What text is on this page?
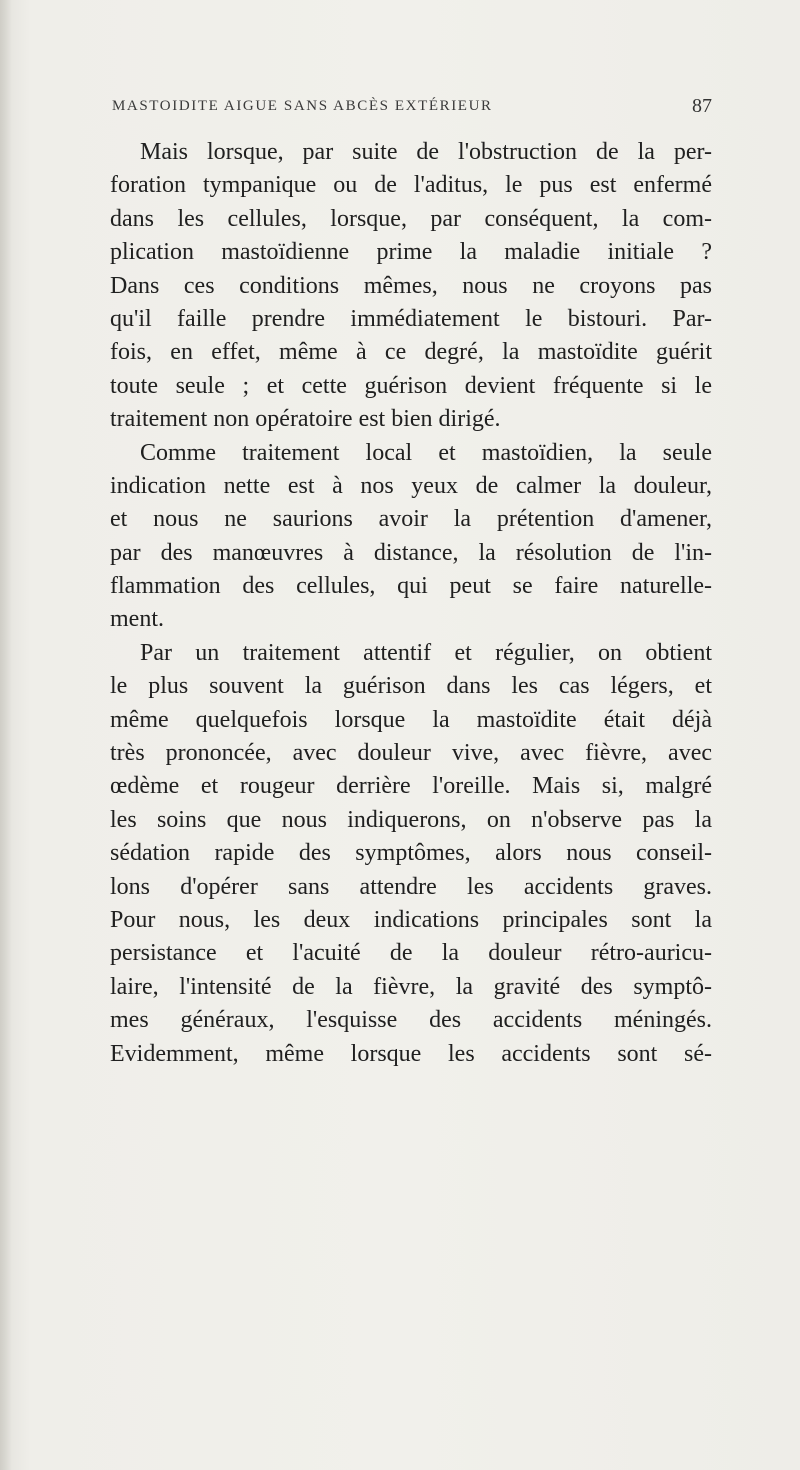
MASTOIDITE AIGUE SANS ABCÈS EXTÉRIEUR	87
Mais lorsque, par suite de l'obstruction de la per-
foration tympanique ou de l'aditus, le pus est enfermé
dans les cellules, lorsque, par conséquent, la com-
plication mastoïdienne prime la maladie initiale ?
Dans ces conditions mêmes, nous ne croyons pas
qu'il faille prendre immédiatement le bistouri. Par-
fois, en effet, même à ce degré, la mastoïdite guérit
toute seule ; et cette guérison devient fréquente si le
traitement non opératoire est bien dirigé.
Comme traitement local et mastoïdien, la seule
indication nette est à nos yeux de calmer la douleur,
et nous ne saurions avoir la prétention d'amener,
par des manœuvres à distance, la résolution de l'in-
flammation des cellules, qui peut se faire naturelle-
ment.
Par un traitement attentif et régulier, on obtient
le plus souvent la guérison dans les cas légers, et
même quelquefois lorsque la mastoïdite était déjà
très prononcée, avec douleur vive, avec fièvre, avec
œdème et rougeur derrière l'oreille. Mais si, malgré
les soins que nous indiquerons, on n'observe pas la
sédation rapide des symptômes, alors nous conseil-
lons d'opérer sans attendre les accidents graves.
Pour nous, les deux indications principales sont la
persistance et l'acuité de la douleur rétro-auricu-
laire, l'intensité de la fièvre, la gravité des symptô-
mes généraux, l'esquisse des accidents méningés.
Evidemment, même lorsque les accidents sont sé-
